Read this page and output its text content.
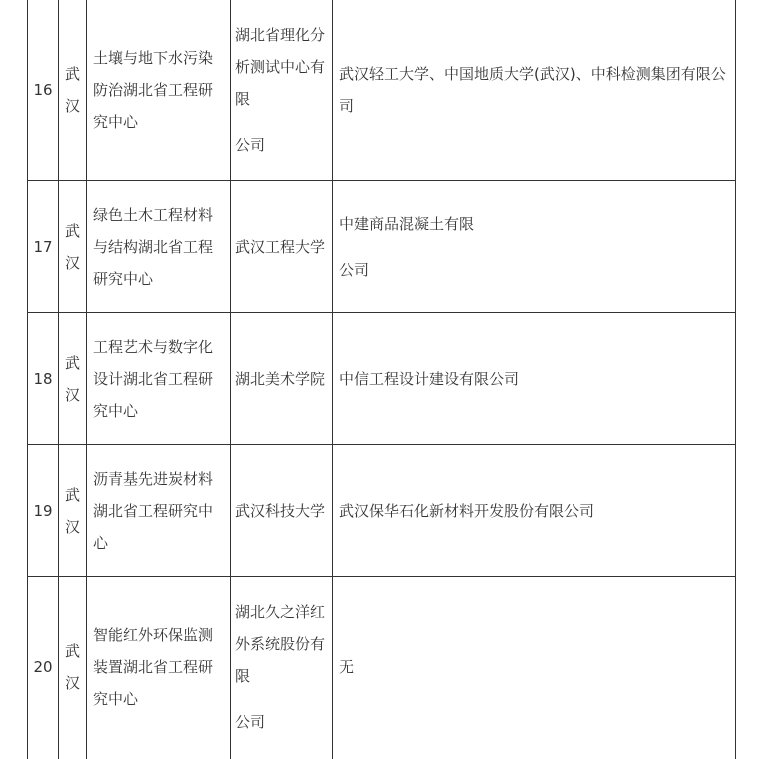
16
武汉
土壤与地下水污染防治湖北省工程研究中心
湖北省理化分析测试中心有限
公司
武汉轻工大学、中国地质大学(武汉)、中科检测集团有限公司
17
武汉
绿色土木工程材料与结构湖北省工程研究中心
武汉工程大学
中建商品混凝土有限
公司
18
武汉
工程艺术与数字化设计湖北省工程研究中心
湖北美术学院 中信工程设计建设有限公司
19
武汉
沥青基先进炭材料湖北省工程研究中心
武汉科技大学 武汉保华石化新材料开发股份有限公司
20
武汉
智能红外环保监测装置湖北省工程研究中心
湖北久之洋红外系统股份有限
公司
无
